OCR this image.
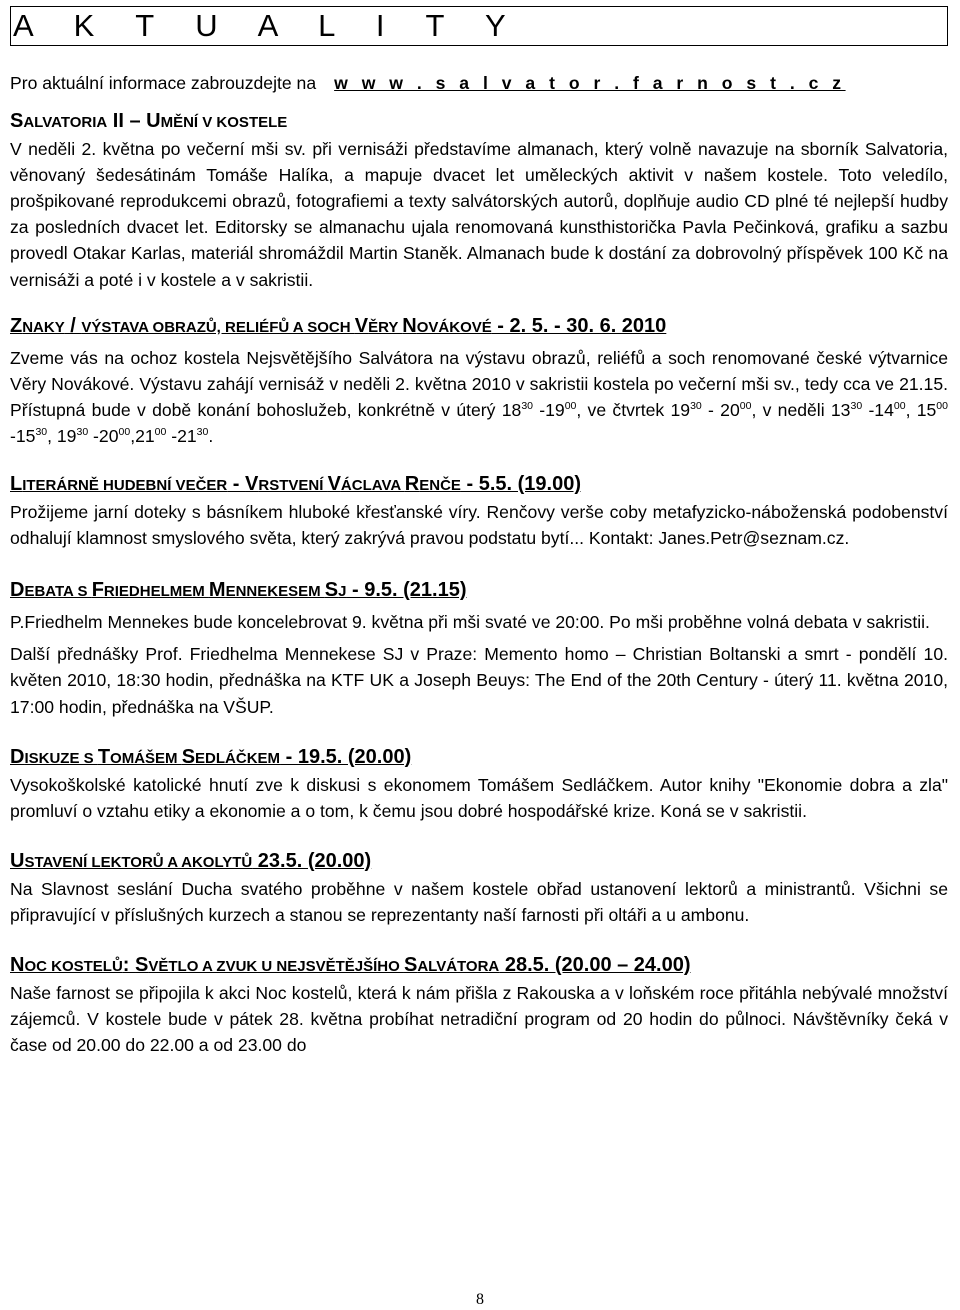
A K T U A L I T Y

Pro aktuální informace zabrouzdejte na w w w . s a l v a t o r . f a r n o s t . c z

SALVATORIA II – UMĚNÍ V KOSTELE

V neděli 2. května po večerní mši sv. při vernisáži představíme almanach, který volně navazuje na sborník Salvatoria, věnovaný šedesátinám Tomáše Halíka, a mapuje dvacet let uměleckých aktivit v našem kostele. Toto veledílo, prošpikované reprodukcemi obrazů, fotografiemi a texty salvátorských autorů, doplňuje audio CD plné té nejlepší hudby za posledních dvacet let. Editorsky se almanachu ujala renomovaná kunsthistorička Pavla Pečinková, grafiku a sazbu provedl Otakar Karlas, materiál shromáždil Martin Staněk. Almanach bude k dostání za dobrovolný příspěvek 100 Kč na vernisáži a poté i v kostele a v sakristii.

ZNAKY / VÝSTAVA OBRAZŮ, RELIÉFŮ A SOCH VĚRY NOVÁKOVÉ - 2. 5. - 30. 6. 2010

Zveme vás na ochoz kostela Nejsvětějšího Salvátora na výstavu obrazů, reliéfů a soch renomované české výtvarnice Věry Novákové. Výstavu zahájí vernisáž v neděli 2. května 2010 v sakristii kostela po večerní mši sv., tedy cca ve 21.15. Přístupná bude v době konání bohoslužeb, konkrétně v úterý $18^{30}$ $-19^{00}$, ve čtvrtek $19^{30} - 20^{00}$, v neděli $13^{30}$ $-14^{00}$, $15^{00}$ $-15^{30}$, $19^{30}$ $-20^{00},21^{00}$ $-21^{30}$.

LITERÁRNĚ HUDEBNÍ VEČER - VRSTVENÍ VÁCLAVA RENČE - 5.5. (19.00)

Prožijeme jarní doteky s básníkem hluboké křesťanské víry. Renčovy verše coby metafyzicko-náboženská podobenství odhalují klamnost smyslového světa, který zakrývá pravou podstatu bytí... Kontakt: Janes.Petr@seznam.cz.

DEBATA S FRIEDHELMEM MENNEKESEM SJ - 9.5. (21.15)

P.Friedhelm Mennekes bude koncelebrovat 9. května při mši svaté ve 20:00. Po mši proběhne volná debata v sakristii.

Další přednášky Prof. Friedhelma Mennekese SJ v Praze: Memento homo – Christian Boltanski a smrt - pondělí 10. květen 2010, 18:30 hodin, přednáška na KTF UK a Joseph Beuys: The End of the 20th Century - úterý 11. května 2010, 17:00 hodin, přednáška na VŠUP.

DISKUZE S TOMÁŠEM SEDLÁČKEM - 19.5. (20.00)

Vysokoškolské katolické hnutí zve k diskusi s ekonomem Tomášem Sedláčkem. Autor knihy "Ekonomie dobra a zla" promluví o vztahu etiky a ekonomie a o tom, k čemu jsou dobré hospodářské krize. Koná se v sakristii.

USTAVENÍ LEKTORŮ A AKOLYTŮ 23.5. (20.00)

Na Slavnost seslání Ducha svatého proběhne v našem kostele obřad ustanovení lektorů a ministrantů. Všichni se připravující v příslušných kurzech a stanou se reprezentanty naší farnosti při oltáři a u ambonu.

NOC KOSTELŮ: SVĚTLO A ZVUK U NEJSVĚTĚJŠÍHO SALVÁTORA 28.5. (20.00 – 24.00)

Naše farnost se připojila k akci Noc kostelů, která k nám přišla z Rakouska a v loňském roce přitáhla nebývalé množství zájemců. V kostele bude v pátek 28. května probíhat netradiční program od 20 hodin do půlnoci. Návštěvníky čeká v čase od 20.00 do 22.00 a od 23.00 do

8
